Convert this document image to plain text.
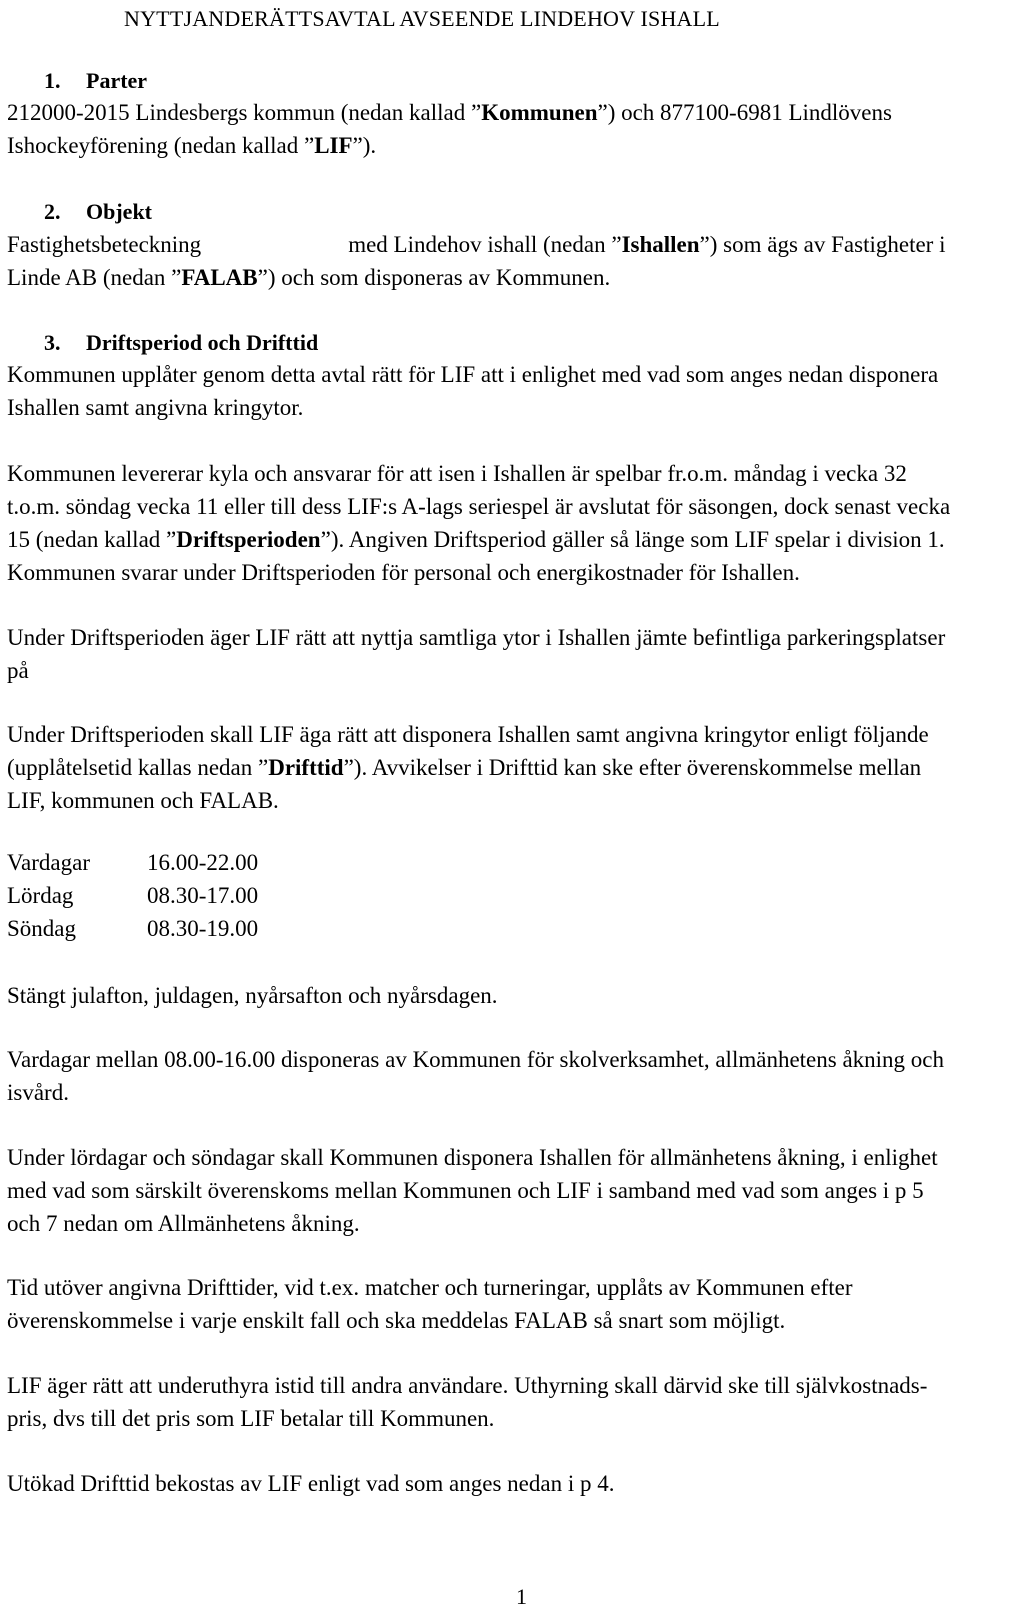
NYTTJANDERÄTTSAVTAL AVSEENDE LINDEHOV ISHALL
1. Parter

212000-2015 Lindesbergs kommun (nedan kallad ”Kommunen”) och 877100-6981 Lindlövens
Ishockeyförening (nedan kallad ”LIF”).

2. Objekt

Fastighetsbeteckning	med Lindehov ishall (nedan ”Ishallen”) som ägs av Fastigheter i
Linde AB (nedan ”FALAB”) och som disponeras av Kommunen.

3. Driftsperiod och Drifttid

Kommunen upplåter genom detta avtal rätt för LIF att i enlighet med vad som anges nedan disponera
Ishallen samt angivna kringytor.

Kommunen levererar kyla och ansvarar för att isen i Ishallen är spelbar fr.o.m. måndag i vecka 32
t.o.m. söndag vecka 11 eller till dess LIF:s A-lags seriespel är avslutat för säsongen, dock senast vecka
15 (nedan kallad ”Driftsperioden”). Angiven Driftsperiod gäller så länge som LIF spelar i division 1.
Kommunen svarar under Driftsperioden för personal och energikostnader för Ishallen.

Under Driftsperioden äger LIF rätt att nyttja samtliga ytor i Ishallen jämte befintliga parkeringsplatser
på

Under Driftsperioden skall LIF äga rätt att disponera Ishallen samt angivna kringytor enligt följande
(upplåtelsetid kallas nedan ”Drifttid”). Avvikelser i Drifttid kan ske efter överenskommelse mellan
LIF, kommunen och FALAB.

Vardagar 16.00-22.00
Lördag	08.30-17.00
Söndag	08.30-19.00

Stängt julafton, juldagen, nyårsafton och nyårsdagen.

Vardagar mellan 08.00-16.00 disponeras av Kommunen för skolverksamhet, allmänhetens åkning och
isvård.

Under lördagar och söndagar skall Kommunen disponera Ishallen för allmänhetens åkning, i enlighet
med vad som särskilt överenskoms mellan Kommunen och LIF i samband med vad som anges i p 5
och 7 nedan om Allmänhetens åkning.

Tid utöver angivna Drifttider, vid t.ex. matcher och turneringar, upplåts av Kommunen efter
överenskommelse i varje enskilt fall och ska meddelas FALAB så snart som möjligt.

LIF äger rätt att underuthyra istid till andra användare. Uthyrning skall därvid ske till självkostnads-
pris, dvs till det pris som LIF betalar till Kommunen.

Utökad Drifttid bekostas av LIF enligt vad som anges nedan i p 4.

1
